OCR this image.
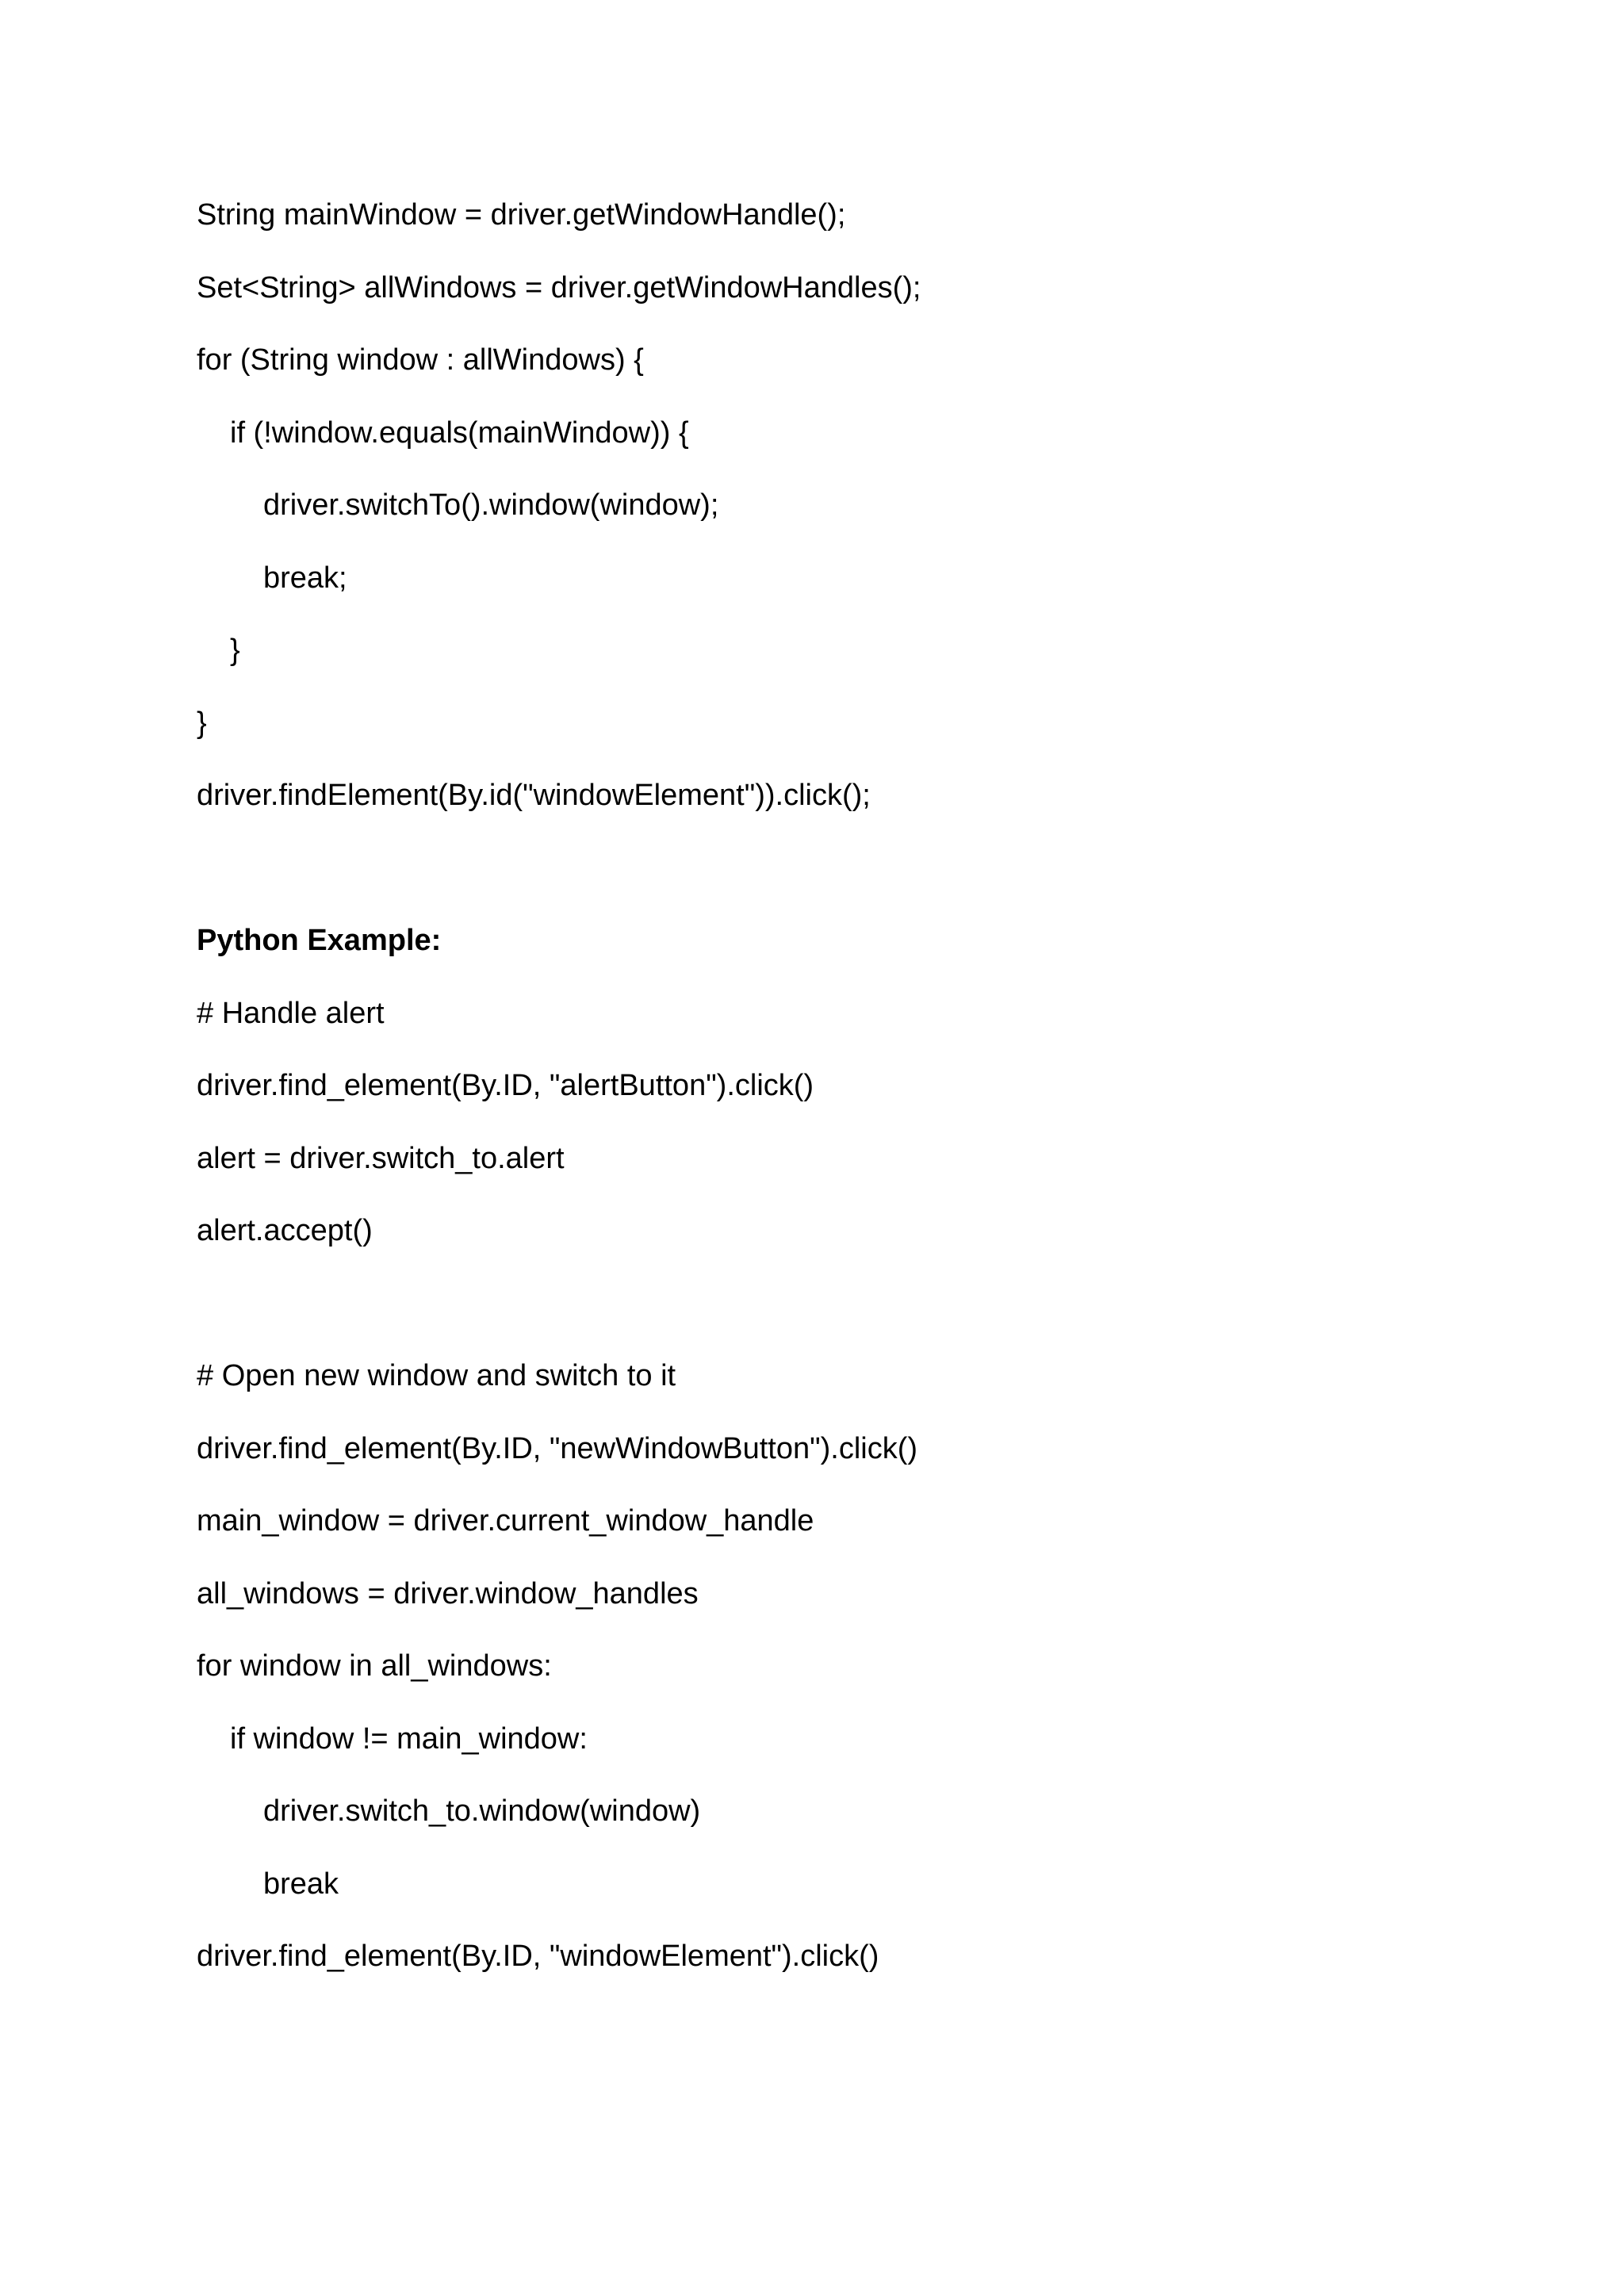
String mainWindow = driver.getWindowHandle();
Set<String> allWindows = driver.getWindowHandles();
for (String window : allWindows) {
if (!window.equals(mainWindow)) {
driver.switchTo().window(window);
break;
}
}
driver.findElement(By.id("windowElement")).click();
Python Example:
# Handle alert
driver.find_element(By.ID, "alertButton").click()
alert = driver.switch_to.alert
alert.accept()
# Open new window and switch to it
driver.find_element(By.ID, "newWindowButton").click()
main_window = driver.current_window_handle
all_windows = driver.window_handles
for window in all_windows:
if window != main_window:
driver.switch_to.window(window)
break
driver.find_element(By.ID, "windowElement").click()
